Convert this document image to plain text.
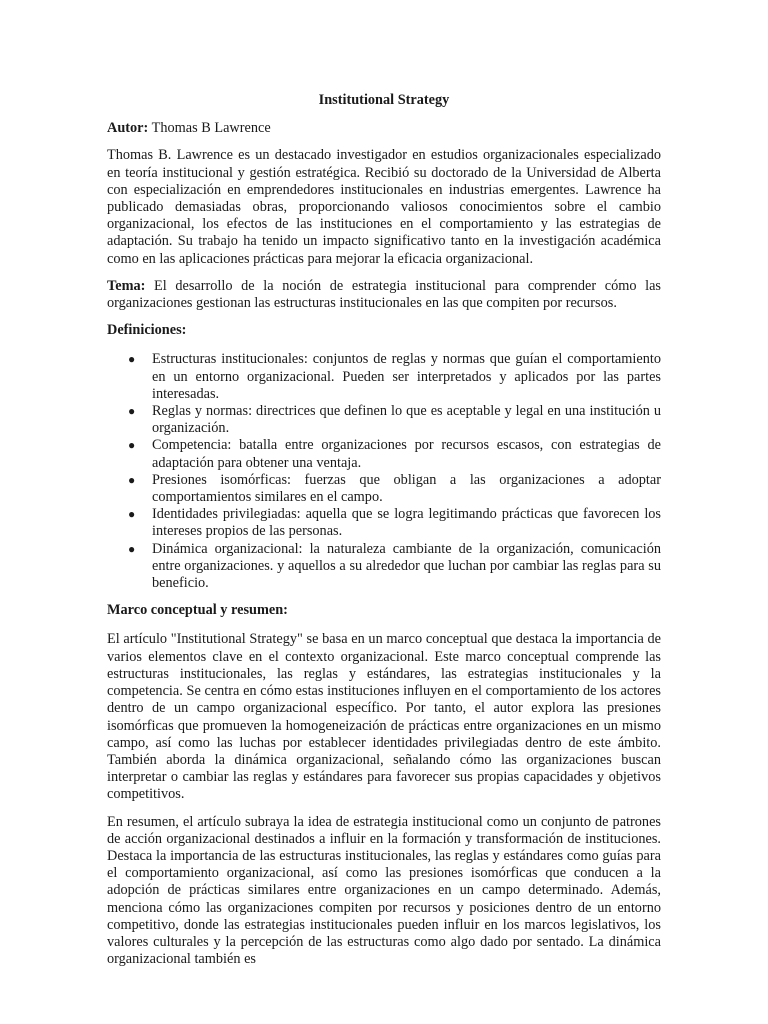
Institutional Strategy

Autor: Thomas B Lawrence

Thomas B. Lawrence es un destacado investigador en estudios organizacionales especializado en teoría institucional y gestión estratégica. Recibió su doctorado de la Universidad de Alberta con especialización en emprendedores institucionales en industrias emergentes. Lawrence ha publicado demasiadas obras, proporcionando valiosos conocimientos sobre el cambio organizacional, los efectos de las instituciones en el comportamiento y las estrategias de adaptación. Su trabajo ha tenido un impacto significativo tanto en la investigación académica como en las aplicaciones prácticas para mejorar la eficacia organizacional.

Tema: El desarrollo de la noción de estrategia institucional para comprender cómo las organizaciones gestionan las estructuras institucionales en las que compiten por recursos.

Definiciones:
● Estructuras institucionales: conjuntos de reglas y normas que guían el comportamiento en un entorno organizacional. Pueden ser interpretados y aplicados por las partes interesadas.
● Reglas y normas: directrices que definen lo que es aceptable y legal en una institución u organización.
● Competencia: batalla entre organizaciones por recursos escasos, con estrategias de adaptación para obtener una ventaja.
● Presiones isomórficas: fuerzas que obligan a las organizaciones a adoptar comportamientos similares en el campo.
● Identidades privilegiadas: aquella que se logra legitimando prácticas que favorecen los intereses propios de las personas.
● Dinámica organizacional: la naturaleza cambiante de la organización, comunicación entre organizaciones. y aquellos a su alrededor que luchan por cambiar las reglas para su beneficio.
Marco conceptual y resumen:

El artículo "Institutional Strategy" se basa en un marco conceptual que destaca la importancia de varios elementos clave en el contexto organizacional. Este marco conceptual comprende las estructuras institucionales, las reglas y estándares, las estrategias institucionales y la competencia. Se centra en cómo estas instituciones influyen en el comportamiento de los actores dentro de un campo organizacional específico. Por tanto, el autor explora las presiones isomórficas que promueven la homogeneización de prácticas entre organizaciones en un mismo campo, así como las luchas por establecer identidades privilegiadas dentro de este ámbito. También aborda la dinámica organizacional, señalando cómo las organizaciones buscan interpretar o cambiar las reglas y estándares para favorecer sus propias capacidades y objetivos competitivos.

En resumen, el artículo subraya la idea de estrategia institucional como un conjunto de patrones de acción organizacional destinados a influir en la formación y transformación de instituciones. Destaca la importancia de las estructuras institucionales, las reglas y estándares como guías para el comportamiento organizacional, así como las presiones isomórficas que conducen a la adopción de prácticas similares entre organizaciones en un campo determinado. Además, menciona cómo las organizaciones compiten por recursos y posiciones dentro de un entorno competitivo, donde las estrategias institucionales pueden influir en los marcos legislativos, los valores culturales y la percepción de las estructuras como algo dado por sentado. La dinámica organizacional también es
